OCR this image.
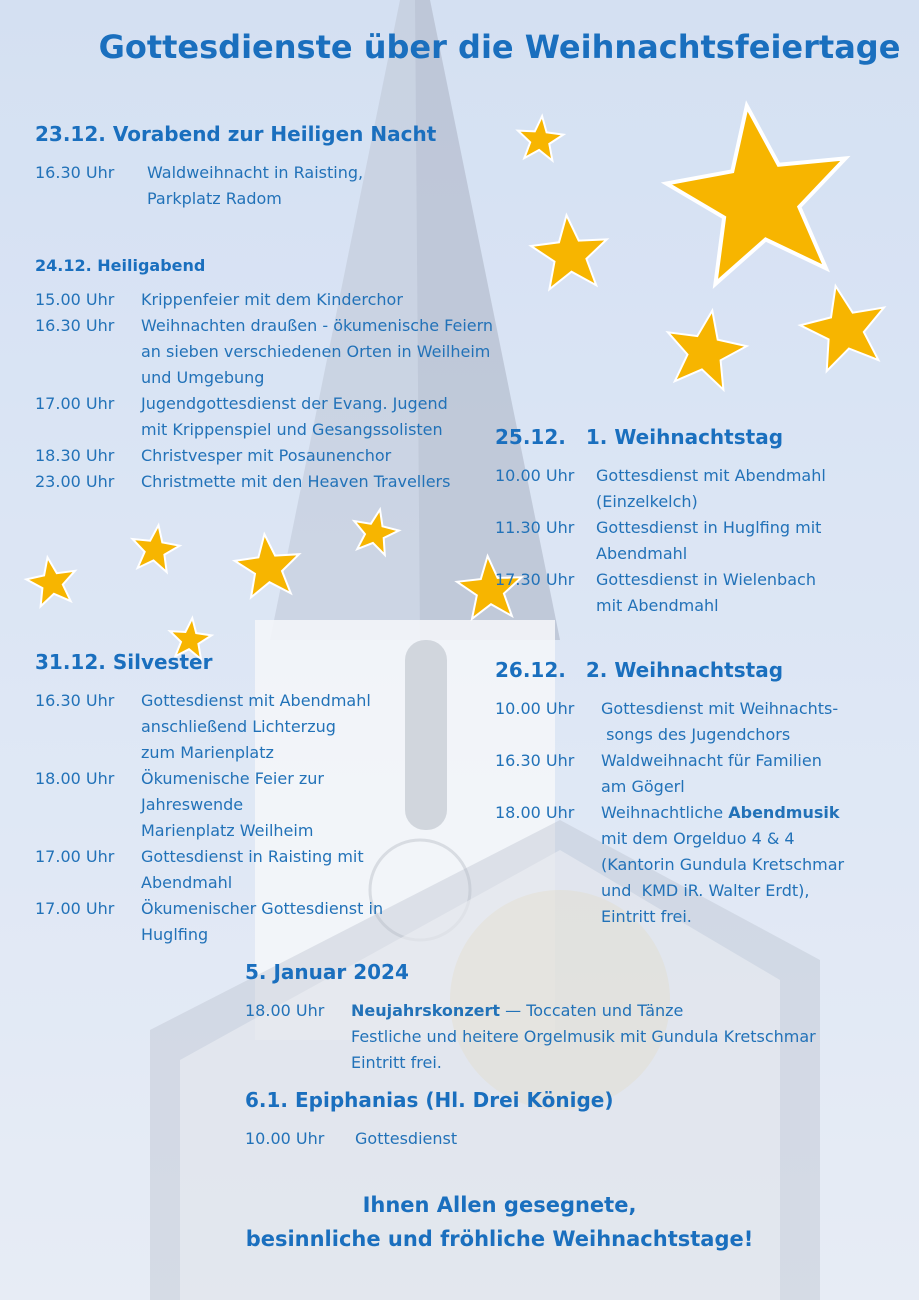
Gottesdienste über die Weihnachtsfeiertage
23.12. Vorabend zur Heiligen Nacht
16.30 Uhr	Waldweihnacht in Raisting,
Parkplatz Radom
24.12. Heiligabend
15.00 Uhr	Krippenfeier mit dem Kinderchor
16.30 Uhr	Weihnachten draußen - ökumenische Feiern
an sieben verschiedenen Orten in Weilheim
und Umgebung
17.00 Uhr	Jugendgottesdienst der Evang. Jugend
mit Krippenspiel und Gesangssolisten
18.30 Uhr	Christvesper mit Posaunenchor
23.00 Uhr	Christmette mit den Heaven Travellers
25.12. 1. Weihnachtstag
10.00 Uhr	Gottesdienst mit Abendmahl
(Einzelkelch)
11.30 Uhr	Gottesdienst in Huglfing mit
Abendmahl
17.30 Uhr	Gottesdienst in Wielenbach
mit Abendmahl
26.12. 2. Weihnachtstag
10.00 Uhr	Gottesdienst mit Weihnachts-
songs des Jugendchors
16.30 Uhr	Waldweihnacht für Familien
am Gögerl
18.00 Uhr	Weihnachtliche Abendmusik
mit dem Orgelduo 4 & 4
(Kantorin Gundula Kretschmar
und  KMD iR. Walter Erdt),
Eintritt frei.
31.12. Silvester
16.30 Uhr	Gottesdienst mit Abendmahl
anschließend Lichterzug
zum Marienplatz
18.00 Uhr	Ökumenische Feier zur
Jahreswende
Marienplatz Weilheim
17.00 Uhr	Gottesdienst in Raisting mit
Abendmahl
17.00 Uhr	Ökumenischer Gottesdienst in
Huglfing
5. Januar 2024
18.00 Uhr	Neujahrskonzert — Toccaten und Tänze
Festliche und heitere Orgelmusik mit Gundula Kretschmar
Eintritt frei.
6.1. Epiphanias (Hl. Drei Könige)
10.00 Uhr	Gottesdienst
Ihnen Allen gesegnete,
besinnliche und fröhliche Weihnachtstage!
